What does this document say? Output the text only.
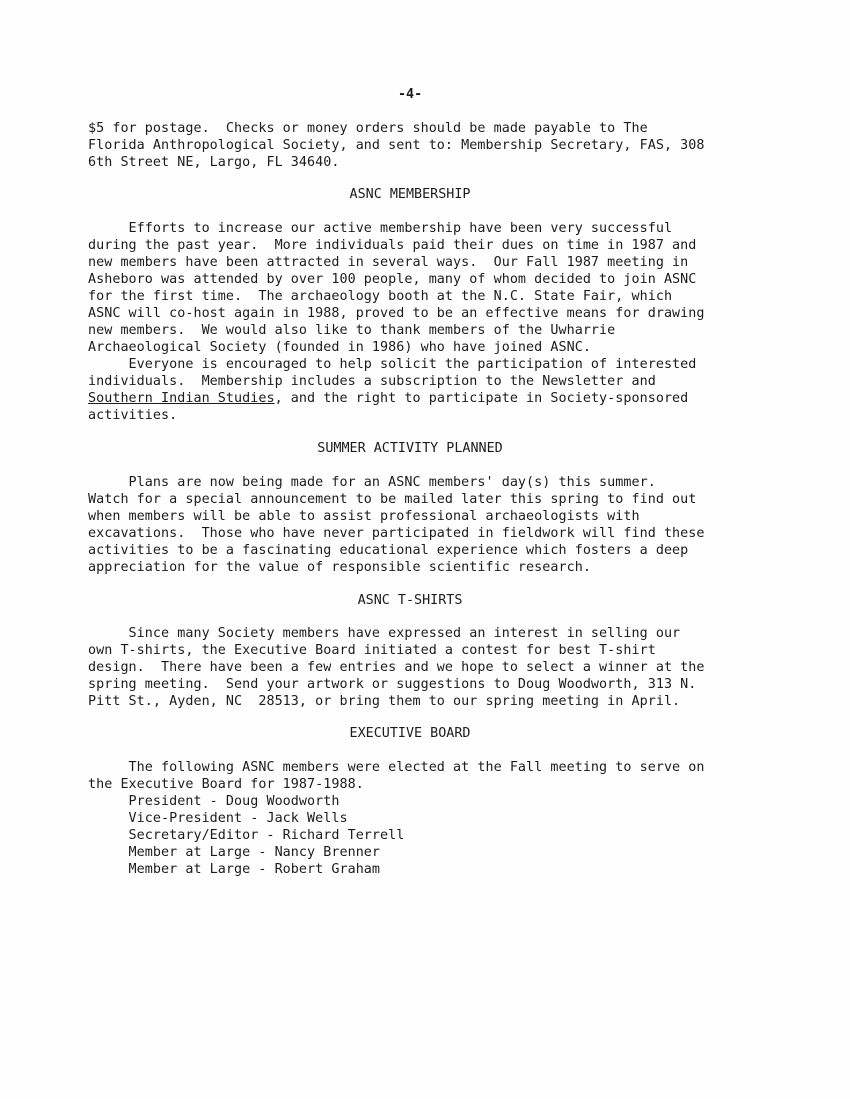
-4-
$5 for postage.  Checks or money orders should be made payable to The
Florida Anthropological Society, and sent to: Membership Secretary, FAS, 308
6th Street NE, Largo, FL 34640.
ASNC MEMBERSHIP
Efforts to increase our active membership have been very successful
during the past year.  More individuals paid their dues on time in 1987 and
new members have been attracted in several ways.  Our Fall 1987 meeting in
Asheboro was attended by over 100 people, many of whom decided to join ASNC
for the first time.  The archaeology booth at the N.C. State Fair, which
ASNC will co-host again in 1988, proved to be an effective means for drawing
new members.  We would also like to thank members of the Uwharrie
Archaeological Society (founded in 1986) who have joined ASNC.
Everyone is encouraged to help solicit the participation of interested
individuals.  Membership includes a subscription to the Newsletter and
Southern Indian Studies, and the right to participate in Society-sponsored
activities.
SUMMER ACTIVITY PLANNED
Plans are now being made for an ASNC members' day(s) this summer.
Watch for a special announcement to be mailed later this spring to find out
when members will be able to assist professional archaeologists with
excavations.  Those who have never participated in fieldwork will find these
activities to be a fascinating educational experience which fosters a deep
appreciation for the value of responsible scientific research.
ASNC T-SHIRTS
Since many Society members have expressed an interest in selling our
own T-shirts, the Executive Board initiated a contest for best T-shirt
design.  There have been a few entries and we hope to select a winner at the
spring meeting.  Send your artwork or suggestions to Doug Woodworth, 313 N.
Pitt St., Ayden, NC  28513, or bring them to our spring meeting in April.
EXECUTIVE BOARD
The following ASNC members were elected at the Fall meeting to serve on
the Executive Board for 1987-1988.
President - Doug Woodworth
Vice-President - Jack Wells
Secretary/Editor - Richard Terrell
Member at Large - Nancy Brenner
Member at Large - Robert Graham
